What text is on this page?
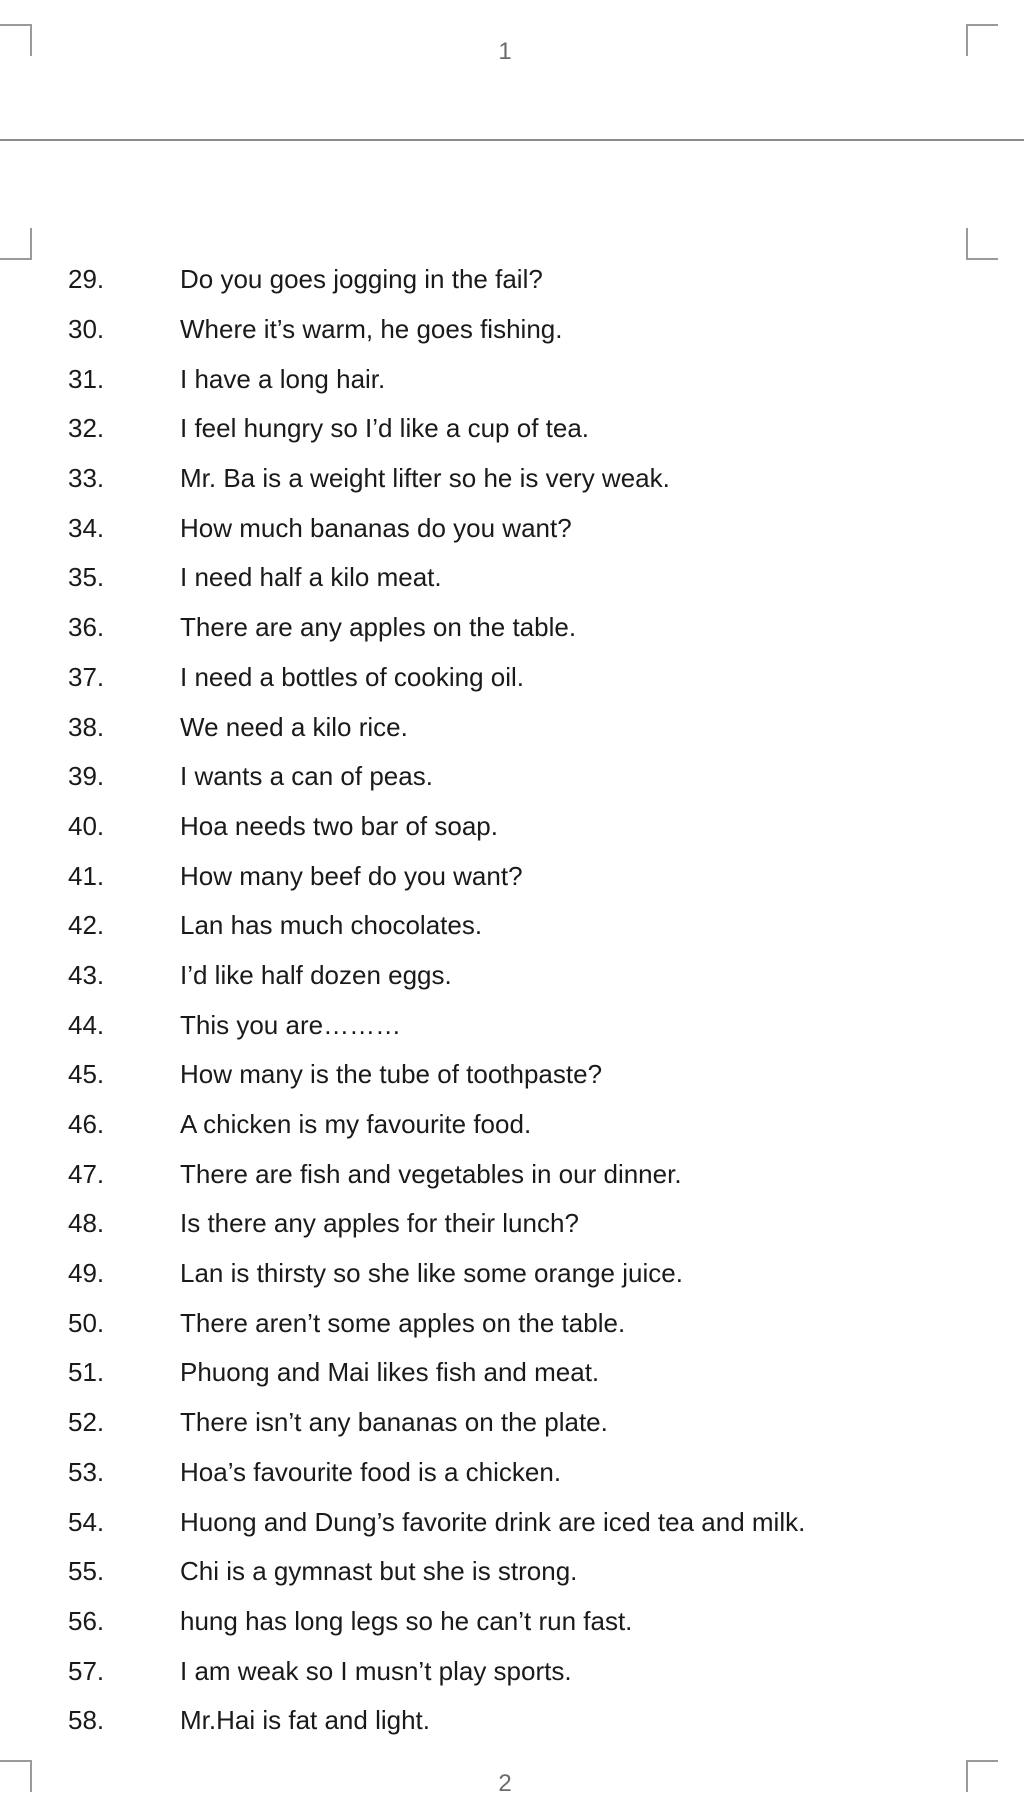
1
29.	Do you goes jogging in the fail?
30.	Where it’s warm, he goes fishing.
31.	I have a long hair.
32.	I feel hungry so I’d like a cup of tea.
33.	Mr. Ba is a weight lifter so he is very weak.
34.	How much bananas do you want?
35.	I need half a kilo meat.
36.	There are any apples on the table.
37.	I need a bottles of cooking oil.
38.	We need a kilo rice.
39.	I wants a can of peas.
40.	Hoa needs two bar of soap.
41.	How many beef do you want?
42.	Lan has much chocolates.
43.	I’d like half dozen eggs.
44.	This you are………
45.	How many is the tube of toothpaste?
46.	A chicken is my favourite food.
47.	There are fish and vegetables in our dinner.
48.	Is there any apples for their lunch?
49.	Lan is thirsty so she like some orange juice.
50.	There aren’t some apples on the table.
51.	Phuong and Mai likes fish and meat.
52.	There isn’t any bananas on the plate.
53.	Hoa’s favourite food is a chicken.
54.	Huong and Dung’s favorite drink are iced tea and milk.
55.	Chi is a gymnast but she is strong.
56.	hung has long legs so he can’t run fast.
57.	I am weak so I musn’t play sports.
58.	Mr.Hai is fat and light.
2
